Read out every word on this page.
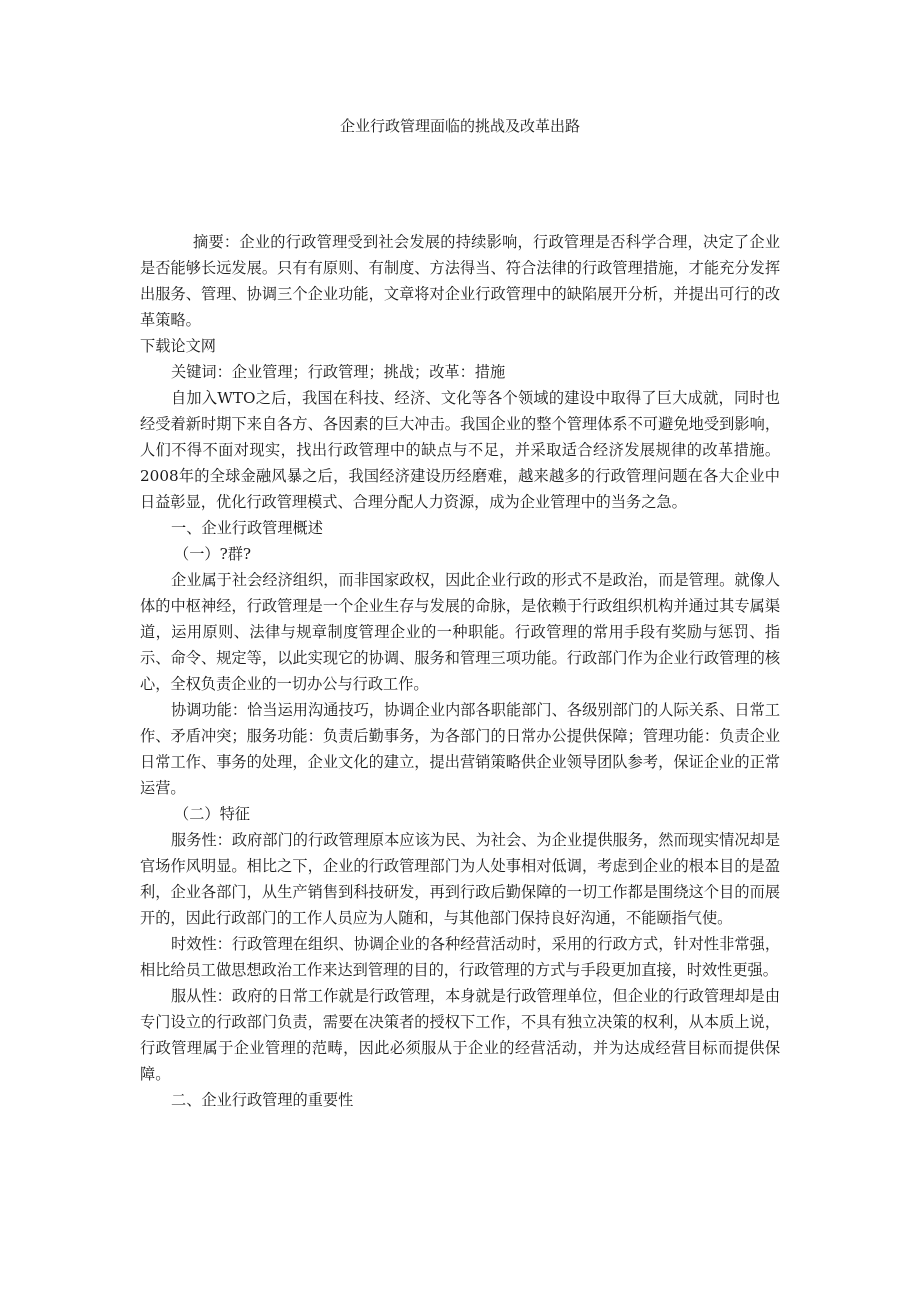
企业行政管理面临的挑战及改革出路

摘要：企业的行政管理受到社会发展的持续影响，行政管理是否科学合理，决定了企业是否能够长远发展。只有有原则、有制度、方法得当、符合法律的行政管理措施，才能充分发挥出服务、管理、协调三个企业功能，文章将对企业行政管理中的缺陷展开分析，并提出可行的改革策略。

下载论文网

关键词：企业管理；行政管理；挑战；改革：措施

自加入WTO之后，我国在科技、经济、文化等各个领域的建设中取得了巨大成就，同时也经受着新时期下来自各方、各因素的巨大冲击。我国企业的整个管理体系不可避免地受到影响，人们不得不面对现实，找出行政管理中的缺点与不足，并采取适合经济发展规律的改革措施。2008年的全球金融风暴之后，我国经济建设历经磨难，越来越多的行政管理问题在各大企业中日益彰显，优化行政管理模式、合理分配人力资源，成为企业管理中的当务之急。

一、企业行政管理概述

（一）?群?

企业属于社会经济组织，而非国家政权，因此企业行政的形式不是政治，而是管理。就像人体的中枢神经，行政管理是一个企业生存与发展的命脉，是依赖于行政组织机构并通过其专属渠道，运用原则、法律与规章制度管理企业的一种职能。行政管理的常用手段有奖励与惩罚、指示、命令、规定等，以此实现它的协调、服务和管理三项功能。行政部门作为企业行政管理的核心，全权负责企业的一切办公与行政工作。

协调功能：恰当运用沟通技巧，协调企业内部各职能部门、各级别部门的人际关系、日常工作、矛盾冲突；服务功能：负责后勤事务，为各部门的日常办公提供保障；管理功能：负责企业日常工作、事务的处理，企业文化的建立，提出营销策略供企业领导团队参考，保证企业的正常运营。

（二）特征

服务性：政府部门的行政管理原本应该为民、为社会、为企业提供服务，然而现实情况却是官场作风明显。相比之下，企业的行政管理部门为人处事相对低调，考虑到企业的根本目的是盈利，企业各部门，从生产销售到科技研发，再到行政后勤保障的一切工作都是围绕这个目的而展开的，因此行政部门的工作人员应为人随和，与其他部门保持良好沟通，不能颐指气使。

时效性：行政管理在组织、协调企业的各种经营活动时，采用的行政方式，针对性非常强，相比给员工做思想政治工作来达到管理的目的，行政管理的方式与手段更加直接，时效性更强。

服从性：政府的日常工作就是行政管理，本身就是行政管理单位，但企业的行政管理却是由专门设立的行政部门负责，需要在决策者的授权下工作，不具有独立决策的权利，从本质上说，行政管理属于企业管理的范畴，因此必须服从于企业的经营活动，并为达成经营目标而提供保障。

二、企业行政管理的重要性
